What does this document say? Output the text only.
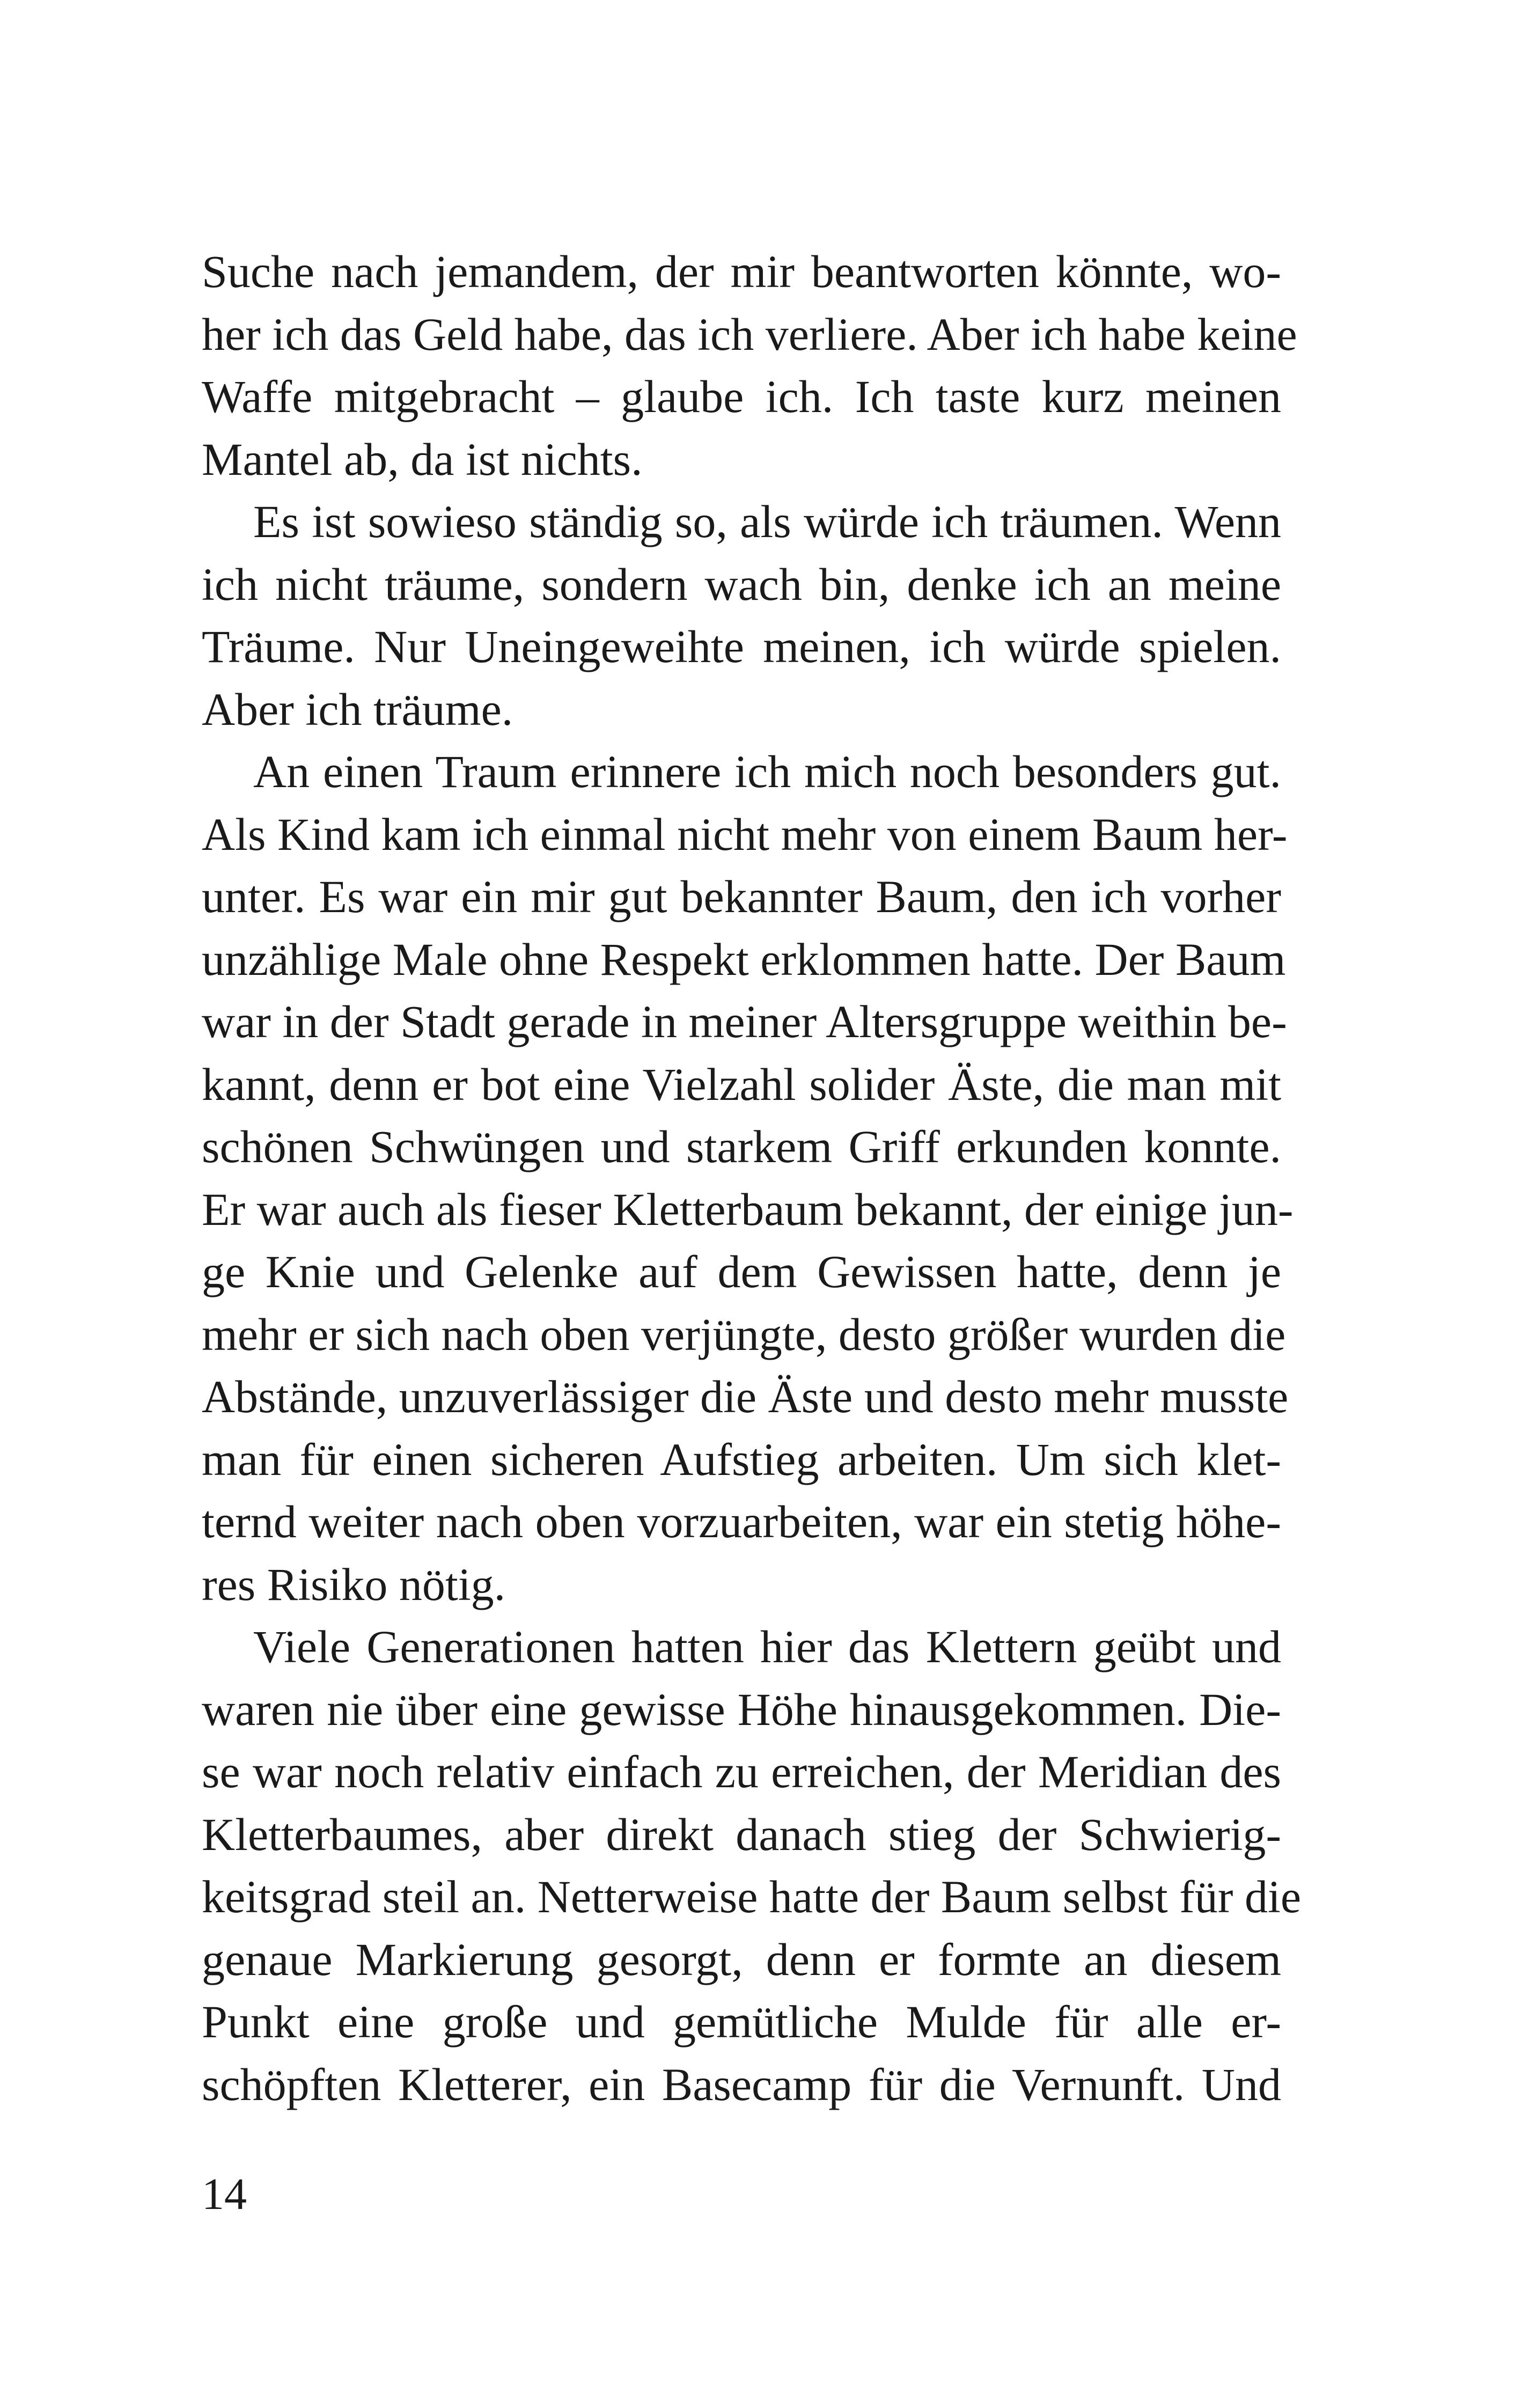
Suche nach jemandem, der mir beantworten könnte, wo-
her ich das Geld habe, das ich verliere. Aber ich habe keine
Waffe mitgebracht – glaube ich. Ich taste kurz meinen
Mantel ab, da ist nichts.
Es ist sowieso ständig so, als würde ich träumen. Wenn
ich nicht träume, sondern wach bin, denke ich an meine
Träume. Nur Uneingeweihte meinen, ich würde spielen.
Aber ich träume.
An einen Traum erinnere ich mich noch besonders gut.
Als Kind kam ich einmal nicht mehr von einem Baum her-
unter. Es war ein mir gut bekannter Baum, den ich vorher
unzählige Male ohne Respekt erklommen hatte. Der Baum
war in der Stadt gerade in meiner Altersgruppe weithin be-
kannt, denn er bot eine Vielzahl solider Äste, die man mit
schönen Schwüngen und starkem Griff erkunden konnte.
Er war auch als fieser Kletterbaum bekannt, der einige jun-
ge Knie und Gelenke auf dem Gewissen hatte, denn je
mehr er sich nach oben verjüngte, desto größer wurden die
Abstände, unzuverlässiger die Äste und desto mehr musste
man für einen sicheren Aufstieg arbeiten. Um sich klet-
ternd weiter nach oben vorzuarbeiten, war ein stetig höhe-
res Risiko nötig.
Viele Generationen hatten hier das Klettern geübt und
waren nie über eine gewisse Höhe hinausgekommen. Die-
se war noch relativ einfach zu erreichen, der Meridian des
Kletterbaumes, aber direkt danach stieg der Schwierig-
keitsgrad steil an. Netterweise hatte der Baum selbst für die
genaue Markierung gesorgt, denn er formte an diesem
Punkt eine große und gemütliche Mulde für alle er-
schöpften Kletterer, ein Basecamp für die Vernunft. Und
14
